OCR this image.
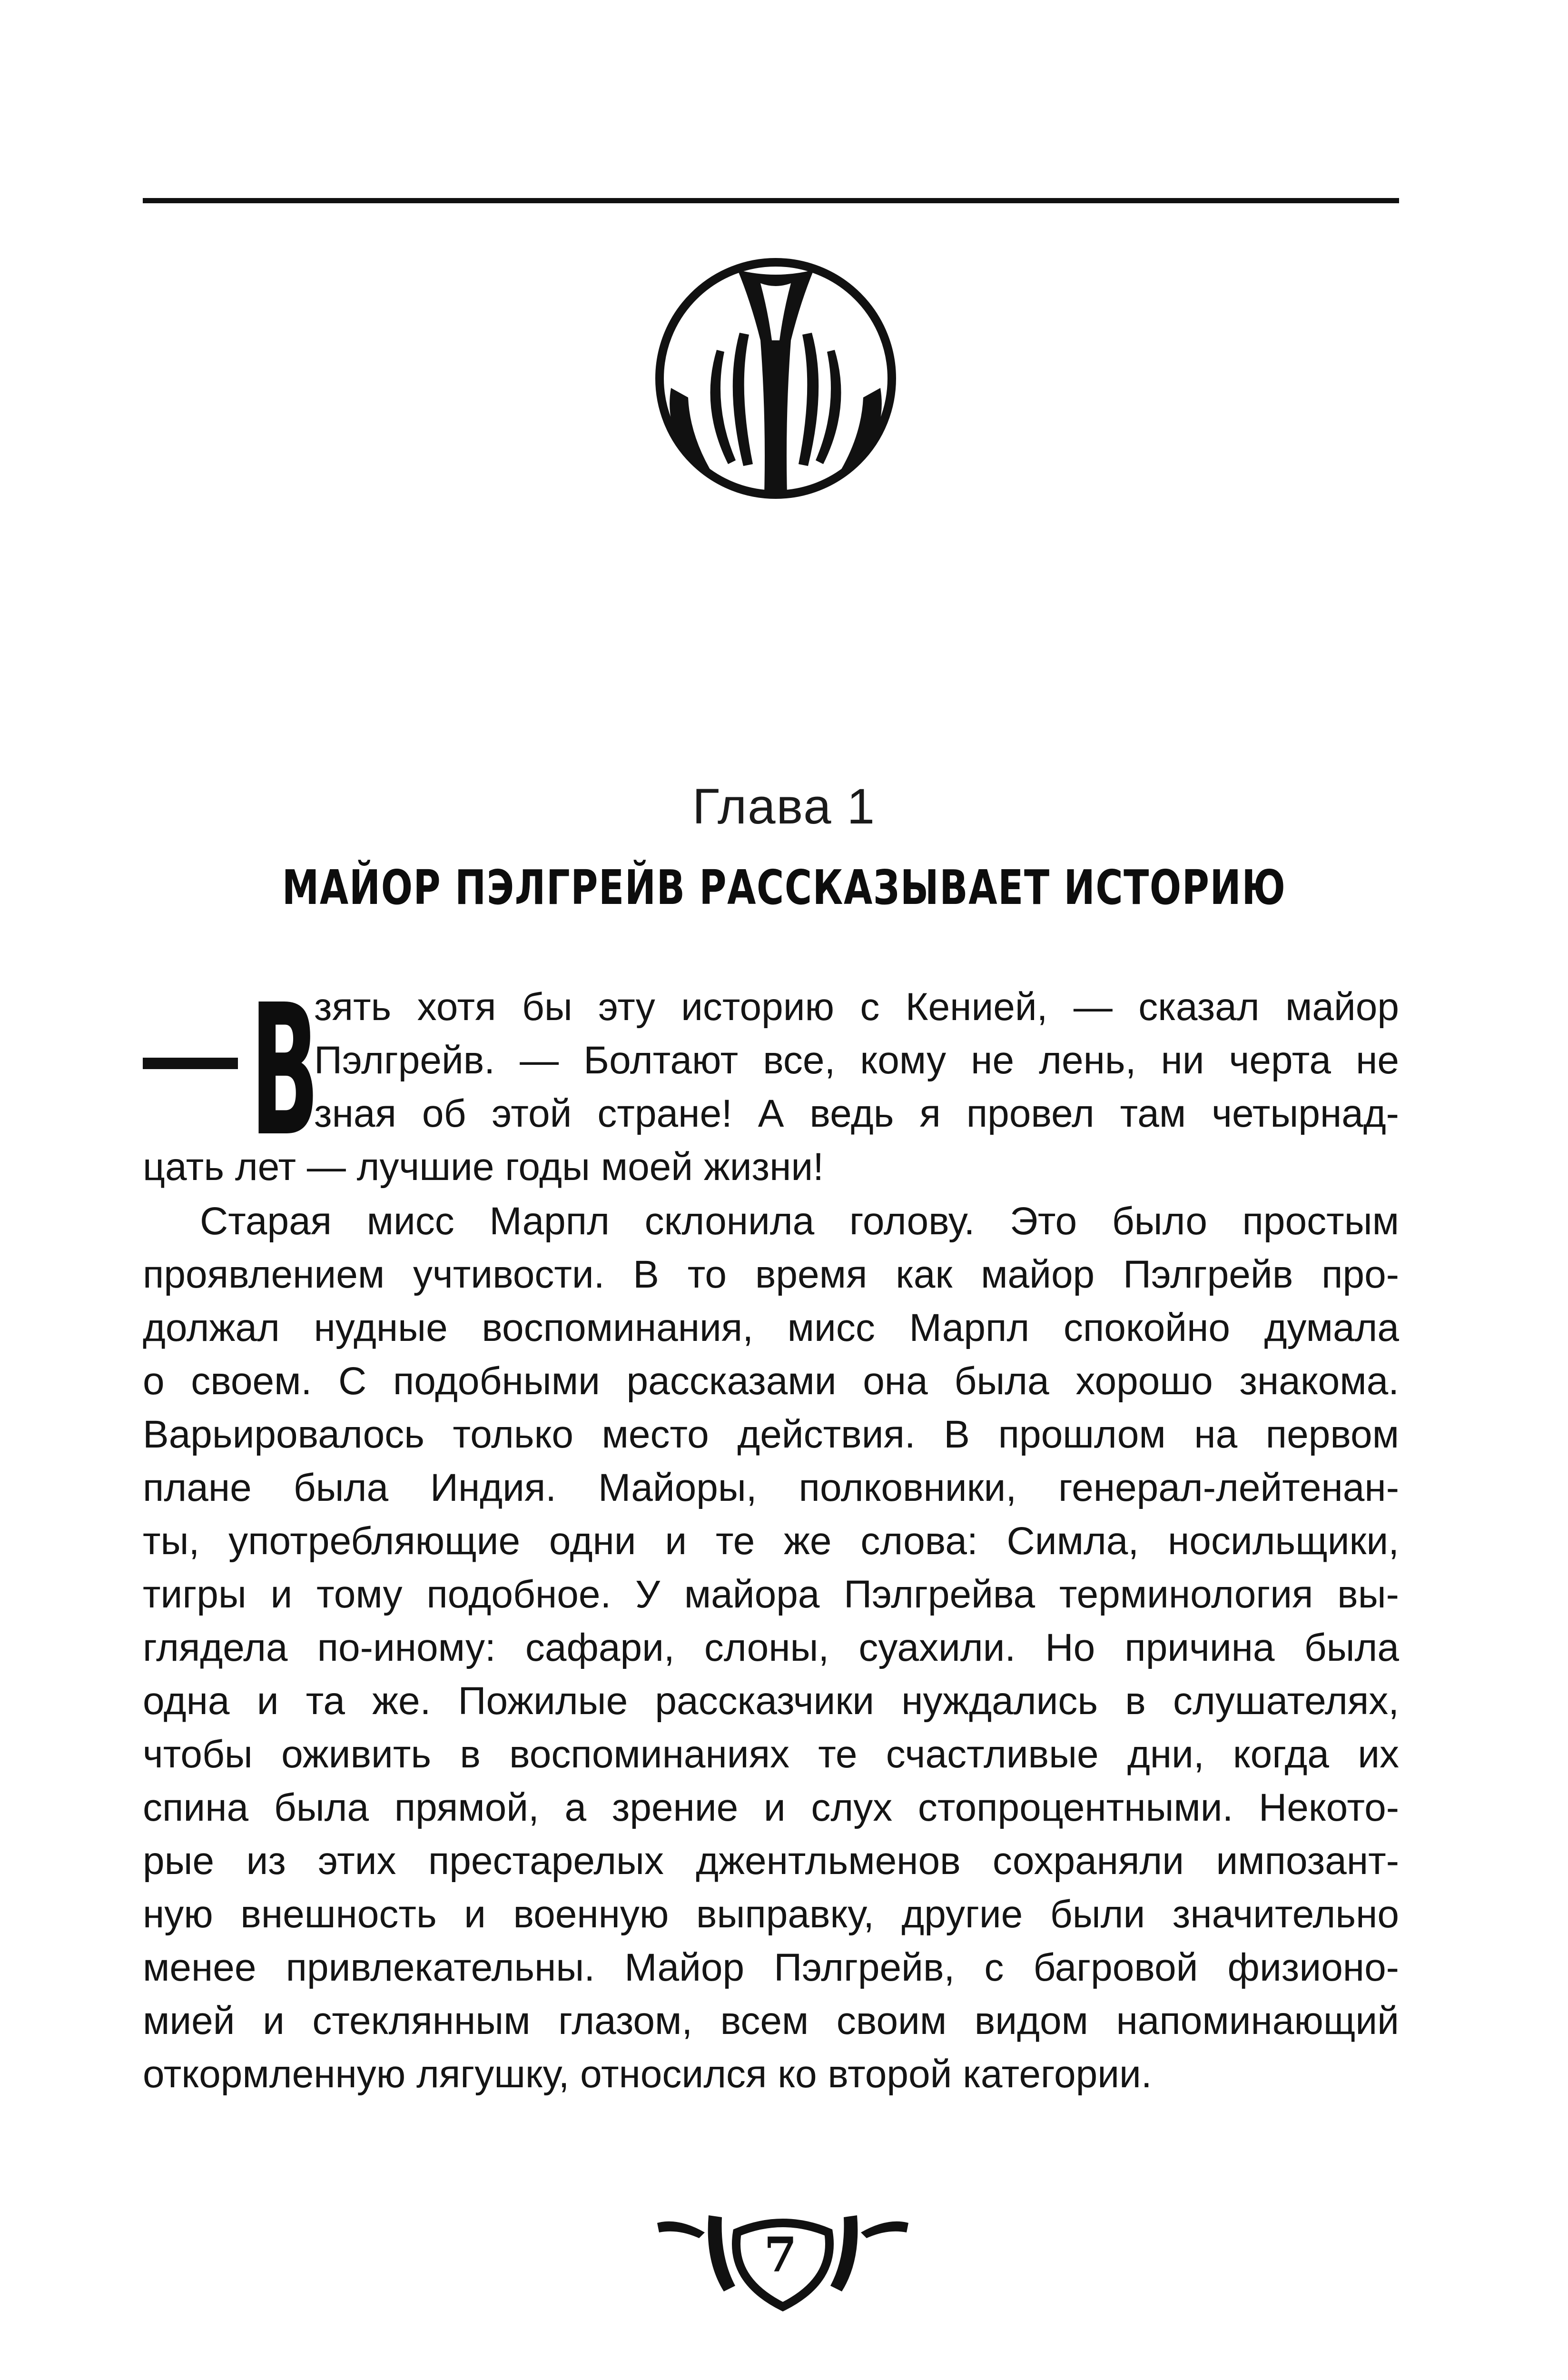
Глава 1
МАЙОР ПЭЛГРЕЙВ РАССКАЗЫВАЕТ ИСТОРИЮ
В
зять хотя бы эту историю с Кенией, — сказал майор
Пэлгрейв. — Болтают все, кому не лень, ни черта не
зная об этой стране! А ведь я провел там четырнад-
цать лет — лучшие годы моей жизни!
Старая мисс Марпл склонила голову. Это было простым
проявлением учтивости. В то время как майор Пэлгрейв про-
должал нудные воспоминания, мисс Марпл спокойно думала
о своем. С подобными рассказами она была хорошо знакома.
Варьировалось только место действия. В прошлом на первом
плане была Индия. Майоры, полковники, генерал-лейтенан-
ты, употребляющие одни и те же слова: Симла, носильщики,
тигры и тому подобное. У майора Пэлгрейва терминология вы-
глядела по-иному: сафари, слоны, суахили. Но причина была
одна и та же. Пожилые рассказчики нуждались в слушателях,
чтобы оживить в воспоминаниях те счастливые дни, когда их
спина была прямой, а зрение и слух стопроцентными. Некото-
рые из этих престарелых джентльменов сохраняли импозант-
ную внешность и военную выправку, другие были значительно
менее привлекательны. Майор Пэлгрейв, с багровой физионо-
мией и стеклянным глазом, всем своим видом напоминающий
откормленную лягушку, относился ко второй категории.
7
